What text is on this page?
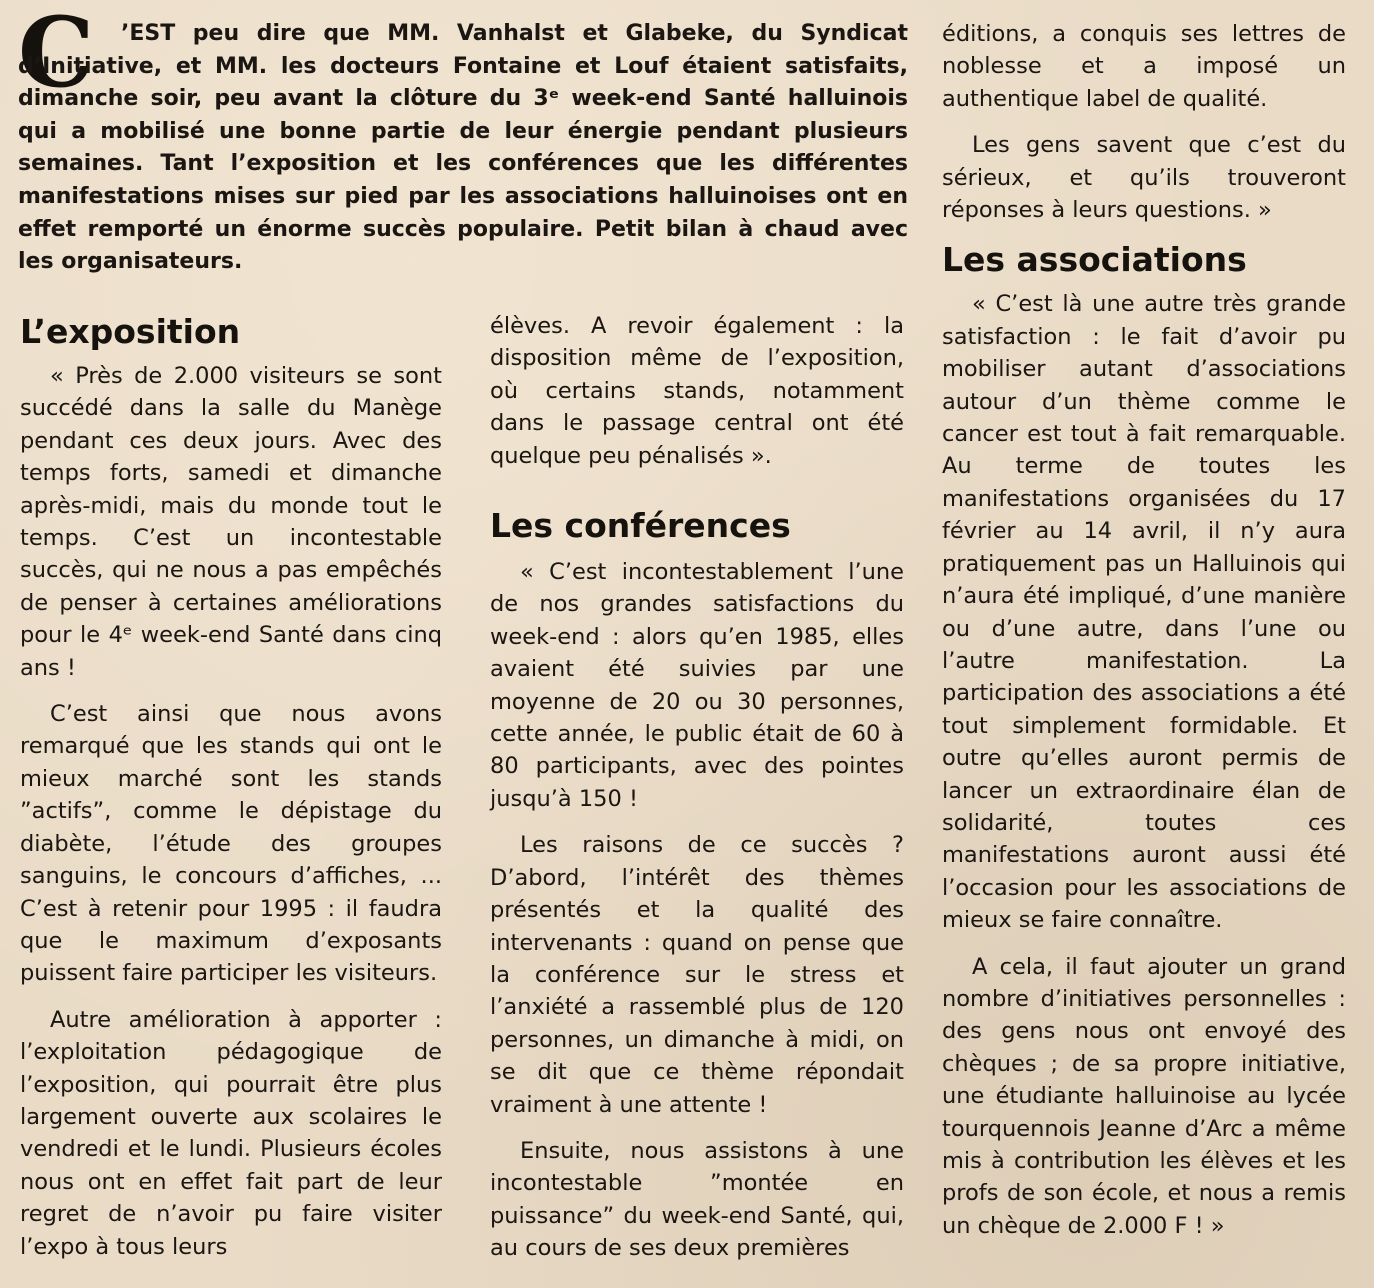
C	’EST peu dire que MM. Vanhalst et Glabeke, du Syndicat d’Initiative, et MM. les docteurs Fontaine et Louf étaient satisfaits, dimanche soir, peu avant la clôture du 3ᵉ week-end Santé halluinois qui a mobilisé une bonne partie de leur énergie pendant plusieurs semaines. Tant l’exposition et les conférences que les différentes manifestations mises sur pied par les associations halluinoises ont en effet remporté un énorme succès populaire. Petit bilan à chaud avec les organisateurs.

L’exposition

« Près de 2.000 visiteurs se sont succédé dans la salle du Manège pendant ces deux jours. Avec des temps forts, samedi et dimanche après-midi, mais du monde tout le temps. C’est un incontestable succès, qui ne nous a pas empêchés de penser à certaines améliorations pour le 4ᵉ week-end Santé dans cinq ans !

C’est ainsi que nous avons remarqué que les stands qui ont le mieux marché sont les stands ”actifs”, comme le dépistage du diabète, l’étude des groupes sanguins, le concours d’affiches, ... C’est à retenir pour 1995 : il faudra que le maximum d’exposants puissent faire participer les visiteurs.

Autre amélioration à apporter : l’exploitation pédagogique de l’exposition, qui pourrait être plus largement ouverte aux scolaires le vendredi et le lundi. Plusieurs écoles nous ont en effet fait part de leur regret de n’avoir pu faire visiter l’expo à tous leurs

élèves. A revoir également : la disposition même de l’exposition, où certains stands, notamment dans le passage central ont été quelque peu pénalisés ».

Les conférences

« C’est incontestablement l’une de nos grandes satisfactions du week-end : alors qu’en 1985, elles avaient été suivies par une moyenne de 20 ou 30 personnes, cette année, le public était de 60 à 80 participants, avec des pointes jusqu’à 150 !

Les raisons de ce succès ? D’abord, l’intérêt des thèmes présentés et la qualité des intervenants : quand on pense que la conférence sur le stress et l’anxiété a rassemblé plus de 120 personnes, un dimanche à midi, on se dit que ce thème répondait vraiment à une attente !

Ensuite, nous assistons à une incontestable ”montée en puissance” du week-end Santé, qui, au cours de ses deux premières

éditions, a conquis ses lettres de noblesse et a imposé un authentique label de qualité.

Les gens savent que c’est du sérieux, et qu’ils trouveront réponses à leurs questions. »

Les associations

« C’est là une autre très grande satisfaction : le fait d’avoir pu mobiliser autant d’associations autour d’un thème comme le cancer est tout à fait remarquable. Au terme de toutes les manifestations organisées du 17 février au 14 avril, il n’y aura pratiquement pas un Halluinois qui n’aura été impliqué, d’une manière ou d’une autre, dans l’une ou l’autre manifestation. La participation des associations a été tout simplement formidable. Et outre qu’elles auront permis de lancer un extraordinaire élan de solidarité, toutes ces manifestations auront aussi été l’occasion pour les associations de mieux se faire connaître.

A cela, il faut ajouter un grand nombre d’initiatives personnelles : des gens nous ont envoyé des chèques ; de sa propre initiative, une étudiante halluinoise au lycée tourquennois Jeanne d’Arc a même mis à contribution les élèves et les profs de son école, et nous a remis un chèque de 2.000 F ! »
